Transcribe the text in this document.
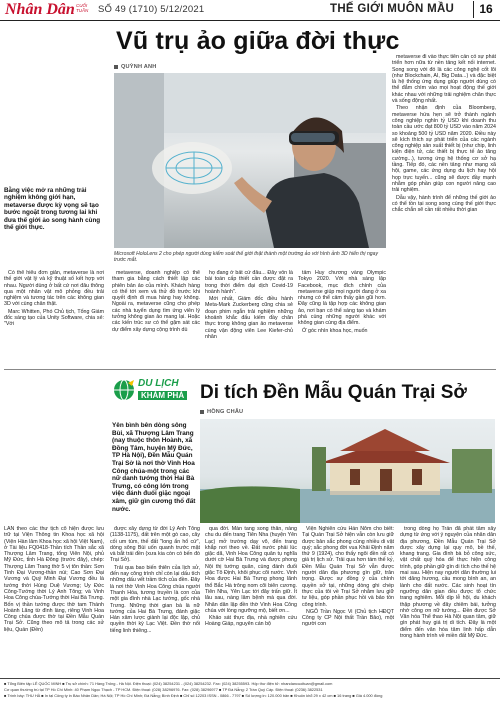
Nhân Dân CUỐI TUẦN	SỐ 49 (1710) 5/12/2021	THẾ GIỚI MUÔN MẦU	16
Vũ trụ ảo giữa đời thực
QUỲNH ANH
Microsoft HoloLens 2 cho phép người dùng kiểm soát thế giới thật thành một trường ảo với hình ảnh 3D hiển thị ngay trước mắt.
Bằng việc mở ra những trải nghiệm không giới hạn, metaverse được kỳ vọng sẽ tạo bước ngoặt trong tương lai khi đưa thế giới ảo song hành cùng thế giới thực.

metaverse đi vào thực tiễn cần có sự phát triển hơn nữa từ nền tảng kết nối internet. Song song với đó là các công nghệ cốt lõi (như Blockchain, AI, Big Data...) và đặc biệt là hệ thống ứng dụng giúp người dùng có thể đắm chìm vào mọi hoạt động thế giới khác nhau với những trải nghiệm chân thực và sống động nhất.

Theo nhận định của Bloomberg, metaverse hứa hẹn sẽ trở thành ngành công nghiệp nghìn tỷ USD khi doanh thu toàn cầu ước đạt 800 tỷ USD vào năm 2024 so khoảng 500 tỷ USD năm 2020. Điều này sẽ kích thích sự phát triển của các ngành công nghiệp sản xuất thiết bị (như chip, linh kiện điện tử, các thiết bị thực tế ảo tăng cường...), tương ứng hệ thống cơ sở hạ tầng. Tiếp đó, các nền tảng như mạng xã hội, game, các ứng dụng du lịch hay hội họp trực tuyến... cũng sẽ được đầy mạnh nhằm góp phần giúp con người nâng cao trải nghiệm.

Dẫu vậy, hành trình để những thế giới ảo có thể tồn tại song song cùng thế giới thực chắc chắn sẽ cần rất nhiều thời gian

Có thể hiểu đơn giản, metaverse là nơi thế giới vật lý và kỹ thuật số kết hợp với nhau. Người dùng ở bất cứ nơi đâu thông qua một nhân vật mô phỏng đều trải nghiệm và tương tác trên các không gian 3D với cùng chân thật.

Marc Whitten, Phó Chủ tịch, Tổng Giám đốc sáng tạo của Unity Software, chia sẻ: "Với

metaverse, doanh nghiệp có thể tham gia bằng cách thiết lập các phiên bản ảo của mình. Khách hàng có thể tới xem và thử đồ trước khi quyết định đi mua hàng hay không. Ngoài ra, metaverse cũng cho phép các nhà tuyển dụng tìm ứng viên lý tưởng không gian ảo mang lại. Hoặc các kiến trúc sư có thể gặm sát các dự điểm xây dựng cộng trình dù

họ đang ở bất cứ đâu... Đây vốn là bài toán cấp thiết cần được đặt ra trong thời điểm đại dịch Covid-19 hoành hành".

Mới nhất, Giám đốc điều hành Meta-Mark Zuckerberg cũng chia sẻ đoạn phim ngắn trải nghiệm những khoảnh khắc đấu kiếm đầy chân thực trong không gian ảo metaverse cùng vận động viên Lee Kiefer-chủ nhân

tấm Huy chương vàng Olympic Tokyo 2020. Với nhà sáng lập Facebook, mục đích chính của metaverse giúp mọi người đang ở xa nhưng có thể cảm thấy gần gũi hơn. Đây cũng là tập hợp các không gian ảo, nơi bạn có thể sáng tạo và khám phá cùng những người khác với không gian cùng địa điểm.

Ở góc nhìn khoa học, muốn

DU LỊCH
KHÁM PHÁ Di tích Đền Mẫu Quán Trại Sở
HỒNG CHÂU
Yên bình bên dòng sông Bùi, xã Thượng Lâm Trang (nay thuộc thôn Hoành, xã Đồng Tâm, huyện Mỹ Đức, TP Hà Nội), Đền Mẫu Quán Trại Sở là nơi thờ Vinh Hoa Công chúa-một trong các nữ danh tướng thời Hai Bà Trưng, có công lớn trong việc đánh đuổi giặc ngoại xâm, giữ gìn cương thổ đất nước.

LẦN theo các thư tịch cổ hiện được lưu trữ tại Viện Thông tin Khoa học xã hội (Viện Hàn lâm Khoa học xã hội Việt Nam), ở Tài liệu FQ0418-Thần tích Thần sắc xã Thượng Lâm Trang, tổng Viên Nội, phủ Mỹ Đức, tỉnh Hà Đông (trước đây), chép: Thượng Lâm Trang thờ 5 vị tôn thần: Sơn Tinh Đại Vương-thần núi; Cao Sơn Đại Vương và Quý Minh Đại Vương đều là tướng thời Hùng Duệ Vương; Uy Đức Công-Tướng thời Lý Anh Tông; và Vinh Hoa Công chúa-Tướng thời Hai Bà Trưng. Bốn vị thần tướng được thờ tam Thánh Hoành Lăng từ đình làng, riêng Vinh Hoa Công chúa được thờ tại Đền Mẫu Quán Trại Sở. Cũng theo mô tả trong các sử liệu, Quán (Đền)

được xây dựng từ đời Lý Anh Tông (1138-1175), đất trên một gò cao, cây cối um tùm, thế đất "long ẩn hổ cứ", dòng sông Bùi uốn quanh trước mặt và bắt trái đền (xưa kia còn có bến đò Trại Sở).

Trải qua bao biến thiên của lịch sử, đến nay công trình chỉ còn lại dấu tích những dấu vết trầm tích của đền. Đây là nơi thờ Vinh Hoa Công chúa người Thanh Hóa, tương truyền là con của một gia đình nhà Lạc tướng, gốc nhà Trưng. Những thời gian bà là nữ tướng của Hai Bà Trưng, đánh giặc Hán xâm lược giành lại độc lập, chủ quyền thời kỳ Lạc Việt. Đền thờ nổi tiếng linh thiêng...

qua đời. Màn tang song thân, nàng chu du đến trang Tiên Nha (huyện Yên Lạc) mở trường dạy võ, đến trang khắp nơi theo về. Đất nước phải lúc giặc dã, Vinh Hoa Công quân tụ nghĩa dưới cờ Hai Bà Trưng và được phong Nội thị tướng quân, cùng đánh đuổi giặc Tô Định, khôi phục cõi nước. Vinh Hoa được Hai Bà Trưng phong lãnh thổ Bắc Hà trông nom cõi biên cương. Tiên Nha, Yên Lạc tới đây trấn giữ. Ít lâu sau, nàng lâm bệnh mà qua đời. Nhân dân lập đền thờ Vinh Hoa Công chúa với lòng ngưỡng mộ, biết ơn...

Khảo sát thực địa, nhà nghiên cứu Hoàng Giáp, nguyên cán bộ

Viện Nghiên cứu Hán Nôm cho biết: Tại Quán Trại Sở hiện vẫn còn lưu giữ được bản sắc phong cùng nhiều di vật quý; sắc phong đời vua Khải Định năm thứ 9 (1924), cho thấy ngôi đền rất có giá trị lịch sử. Trải qua hơn tám thế kỷ, Đền Mẫu Quán Trại Sở vẫn được người dân địa phương gìn giữ, trân trọng. Được sự đồng ý của chính quyền sở tại, những dòng ghi chép thực của tôi về Trại Sở nhằm lưu giữ tư liệu, góp phần phục hồi và bảo tồn công trình.

NGÔ Trần Ngọc Vi (Chủ tịch HĐQT Công ty CP Nội thất Trần Bảo), một người con

trong dòng họ Trần đã phát tâm xây dựng từ ứng với ý nguyện của nhân dân địa phương, Đền Mẫu Quán Trại Sở được xây dựng lại quy mô, bề thế, khang trang. Gia đình bà bỏ công sức, vật chất quý hóa để thực hiện công trình, góp phần giữ gìn di tích cho thế hệ mai sau. Hiện nay người dân thường lui tới dâng hương, cầu mong bình an, an lành cho đất nước. Các sinh hoạt tín ngưỡng dân gian đều được tổ chức trang nghiêm. Mỗi dịp lễ hội, du khách thập phương về đây chiêm bái, tưởng nhớ công ơn nữ tướng... Đền được Sở Văn hóa Thể thao Hà Nội quan tâm, giữ gìn phát huy giá trị di tích. Đây là một điểm đến văn hóa tâm linh hấp dẫn trong hành trình về miền đất Mỹ Đức.

■ Tổng Biên tập LÊ QUỐC MINH ■ Trụ sở chính: 71 Hàng Trống - Hà Nội. Điện thoại: (024) 38254231 - (024) 38254232. Fax: (024) 38255593. Hộp thư điện tử: nhandancuoituan@gmail.com
Cơ quan thường trú tại TP Hồ Chí Minh: 40 Phạm Ngọc Thạch - TP HCM. Điện thoại: (028) 38296976. Fax: (028) 38296977 ■ TP Đà Nẵng: 2 Trần Quý Cáp. Điện thoại: (0236) 3822531
■ Trình bày: THU HÀ ■ In tại Công ty in Báo Nhân Dân; Hà Nội; TP Hồ Chí Minh; Đà Nẵng; Bình Định ■ Chỉ số 12203 ISSN - 0866 - 7797 ■ Số lượng in: 120.000 bản ■ Khuôn khổ 29 x 42 cm ■ 16 trang ■ Giá 4.000 đồng
